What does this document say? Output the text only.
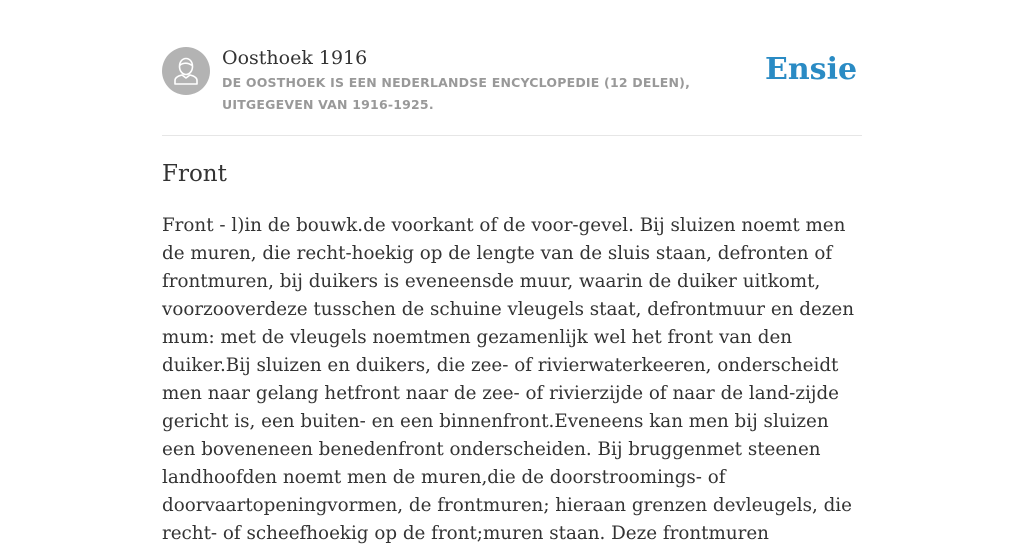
Oosthoek 1916
DE OOSTHOEK IS EEN NEDERLANDSE ENCYCLOPEDIE (12 DELEN), UITGEGEVEN VAN 1916-1925.
Ensie
Front

Front - l)in de bouwk.de voorkant of de voor-gevel. Bij sluizen noemt men de muren, die recht-hoekig op de lengte van de sluis staan, defronten of frontmuren, bij duikers is eveneensde muur, waarin de duiker uitkomt, voorzooverdeze tusschen de schuine vleugels staat, defrontmuur en dezen mum: met de vleugels noemtmen gezamenlijk wel het front van den duiker.Bij sluizen en duikers, die zee- of rivierwaterkeeren, onderscheidt men naar gelang hetfront naar de zee- of rivierzijde of naar de land-zijde gericht is, een buiten- en een binnenfront.Eveneens kan men bij sluizen een boveneneen benedenfront onderscheiden. Bij bruggenmet steenen landhoofden noemt men de muren,die de doorstroomings- of doorvaartopeningvormen, de frontmuren; hieraan grenzen devleugels, die recht- of scheefhoekig op de front;muren staan. Deze frontmuren
